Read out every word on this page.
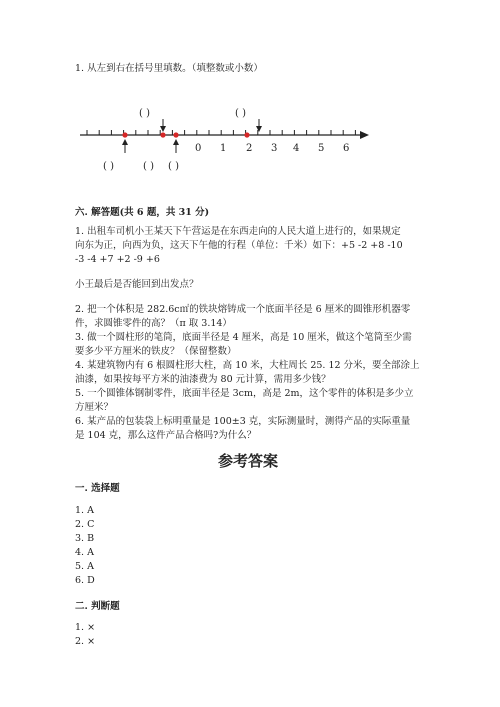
1. 从左到右在括号里填数。（填整数或小数）
( )	( )
( )	( ) ( )
0 1 2 3 4 5 6
六. 解答题(共 6 题，共 31 分)
1. 出租车司机小王某天下午营运是在东西走向的人民大道上进行的，如果规定
向东为正，向西为负，这天下午他的行程（单位：千米）如下：+5 -2 +8 -10
-3 -4 +7 +2 -9 +6
小王最后是否能回到出发点？
2. 把一个体积是 282.6c㎡的铁块熔铸成一个底面半径是 6 厘米的圆锥形机器零
件，求圆锥零件的高？（π 取 3.14）
3. 做一个圆柱形的笔筒，底面半径是 4 厘米，高是 10 厘米，做这个笔筒至少需
要多少平方厘米的铁皮？（保留整数）
4. 某建筑物内有 6 根圆柱形大柱，高 10 米，大柱周长 25. 12 分米，要全部涂上
油漆，如果按每平方米的油漆费为 80 元计算，需用多少钱？
5. 一个圆锥体钢制零件，底面半径是 3cm，高是 2m，这个零件的体积是多少立
方厘米？
6. 某产品的包装袋上标明重量是 100±3 克，实际测量时，测得产品的实际重量
是 104 克，那么这件产品合格吗?为什么？
参考答案
一. 选择题
1. A
2. C
3. B
4. A
5. A
6. D
二. 判断题
1. ×
2. ×
